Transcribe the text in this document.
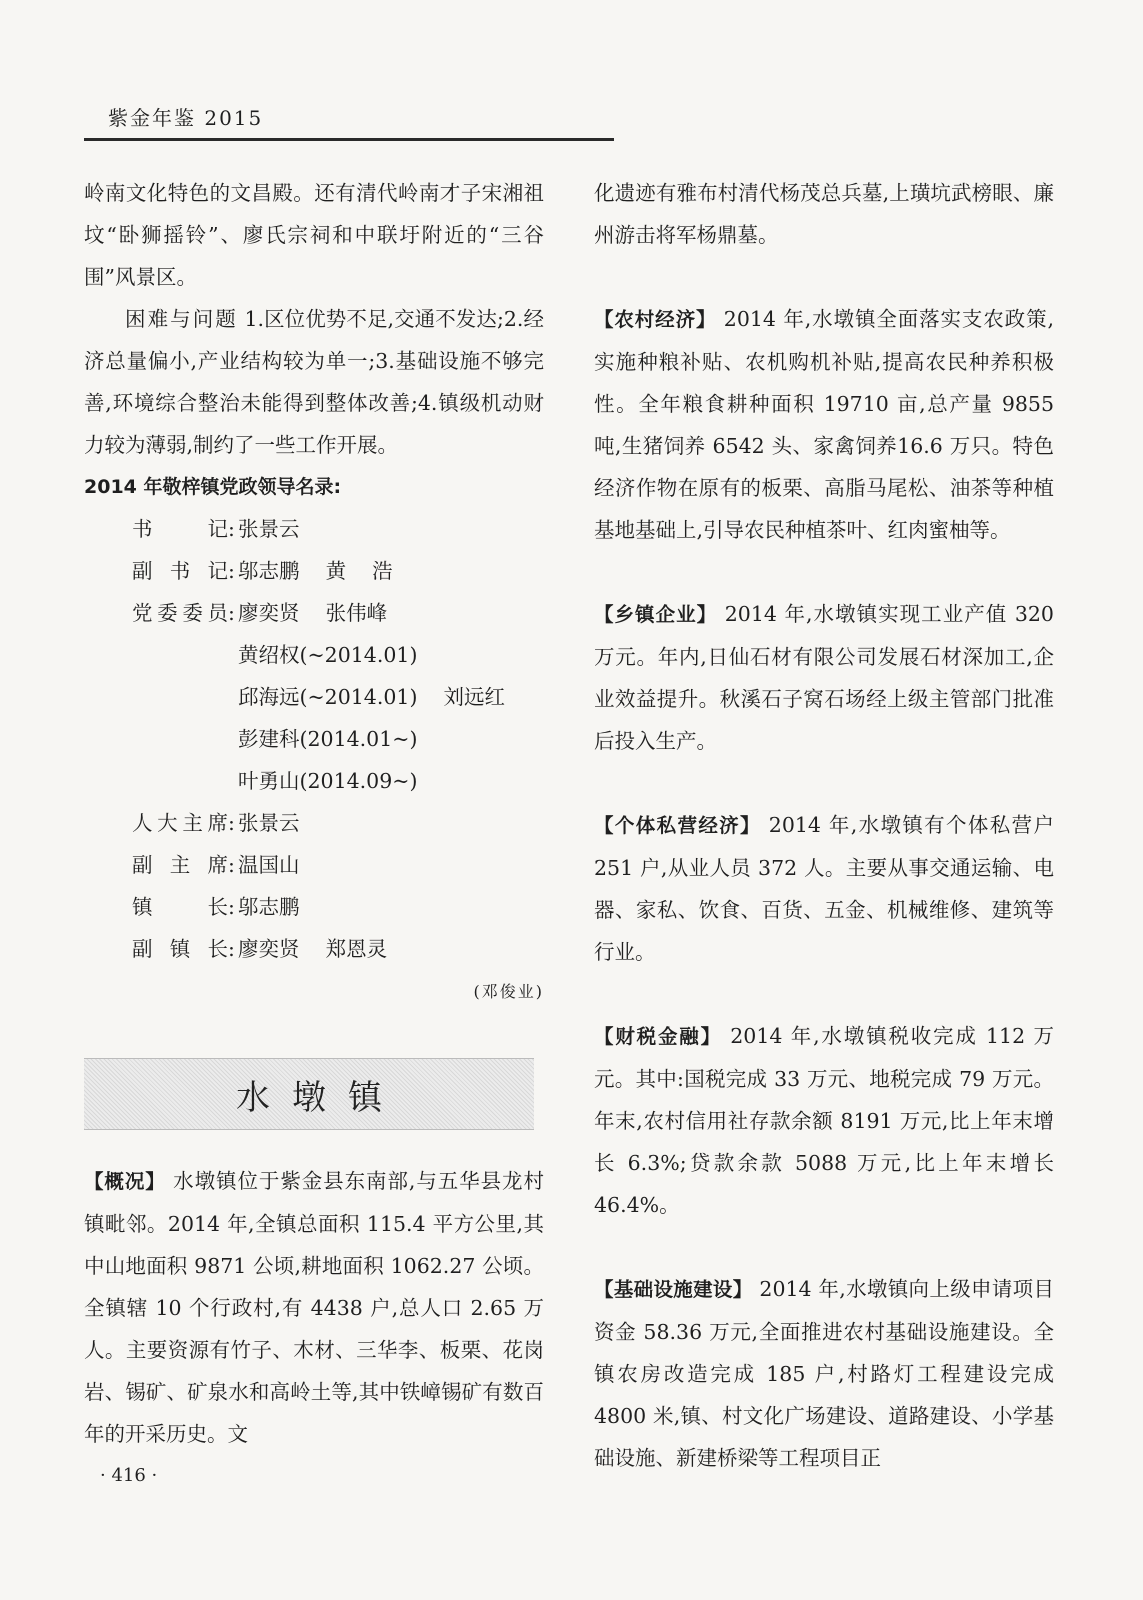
紫金年鉴 2015

岭南文化特色的文昌殿。还有清代岭南才子宋湘祖坟“卧狮摇铃”、廖氏宗祠和中联圩附近的“三谷围”风景区。

困难与问题 1.区位优势不足,交通不发达;2.经济总量偏小,产业结构较为单一;3.基础设施不够完善,环境综合整治未能得到整体改善;4.镇级机动财力较为薄弱,制约了一些工作开展。

2014 年敬梓镇党政领导名录:
书	记 : 张景云
副 书 记 : 邬志鹏    黄    浩
党 委 委 员 : 廖奕贤    张伟峰
黄绍权(~2014.01)
邱海远(~2014.01)    刘远红
彭建科(2014.01~)
叶勇山(2014.09~)
人 大 主 席 : 张景云
副 主 席 : 温国山
镇	长 : 邬志鹏
副 镇 长 : 廖奕贤    郑恩灵
(邓俊业)
水墩镇

【概况】 水墩镇位于紫金县东南部,与五华县龙村镇毗邻。2014 年,全镇总面积 115.4 平方公里,其中山地面积 9871 公顷,耕地面积 1062.27 公顷。全镇辖 10 个行政村,有 4438 户,总人口 2.65 万人。主要资源有竹子、木材、三华李、板栗、花岗岩、锡矿、矿泉水和高岭土等,其中铁嶂锡矿有数百年的开采历史。文

化遗迹有雅布村清代杨茂总兵墓,上璜坑武榜眼、廉州游击将军杨鼎墓。

【农村经济】 2014 年,水墩镇全面落实支农政策,实施种粮补贴、农机购机补贴,提高农民种养积极性。全年粮食耕种面积 19710 亩,总产量 9855 吨,生猪饲养 6542 头、家禽饲养16.6 万只。特色经济作物在原有的板栗、高脂马尾松、油茶等种植基地基础上,引导农民种植茶叶、红肉蜜柚等。

【乡镇企业】 2014 年,水墩镇实现工业产值 320 万元。年内,日仙石材有限公司发展石材深加工,企业效益提升。秋溪石子窝石场经上级主管部门批准后投入生产。

【个体私营经济】 2014 年,水墩镇有个体私营户 251 户,从业人员 372 人。主要从事交通运输、电器、家私、饮食、百货、五金、机械维修、建筑等行业。

【财税金融】 2014 年,水墩镇税收完成 112 万元。其中:国税完成 33 万元、地税完成 79 万元。年末,农村信用社存款余额 8191 万元,比上年末增长 6.3%;贷款余款 5088 万元,比上年末增长 46.4%。

【基础设施建设】 2014 年,水墩镇向上级申请项目资金 58.36 万元,全面推进农村基础设施建设。全镇农房改造完成 185 户,村路灯工程建设完成 4800 米,镇、村文化广场建设、道路建设、小学基础设施、新建桥梁等工程项目正

· 416 ·
